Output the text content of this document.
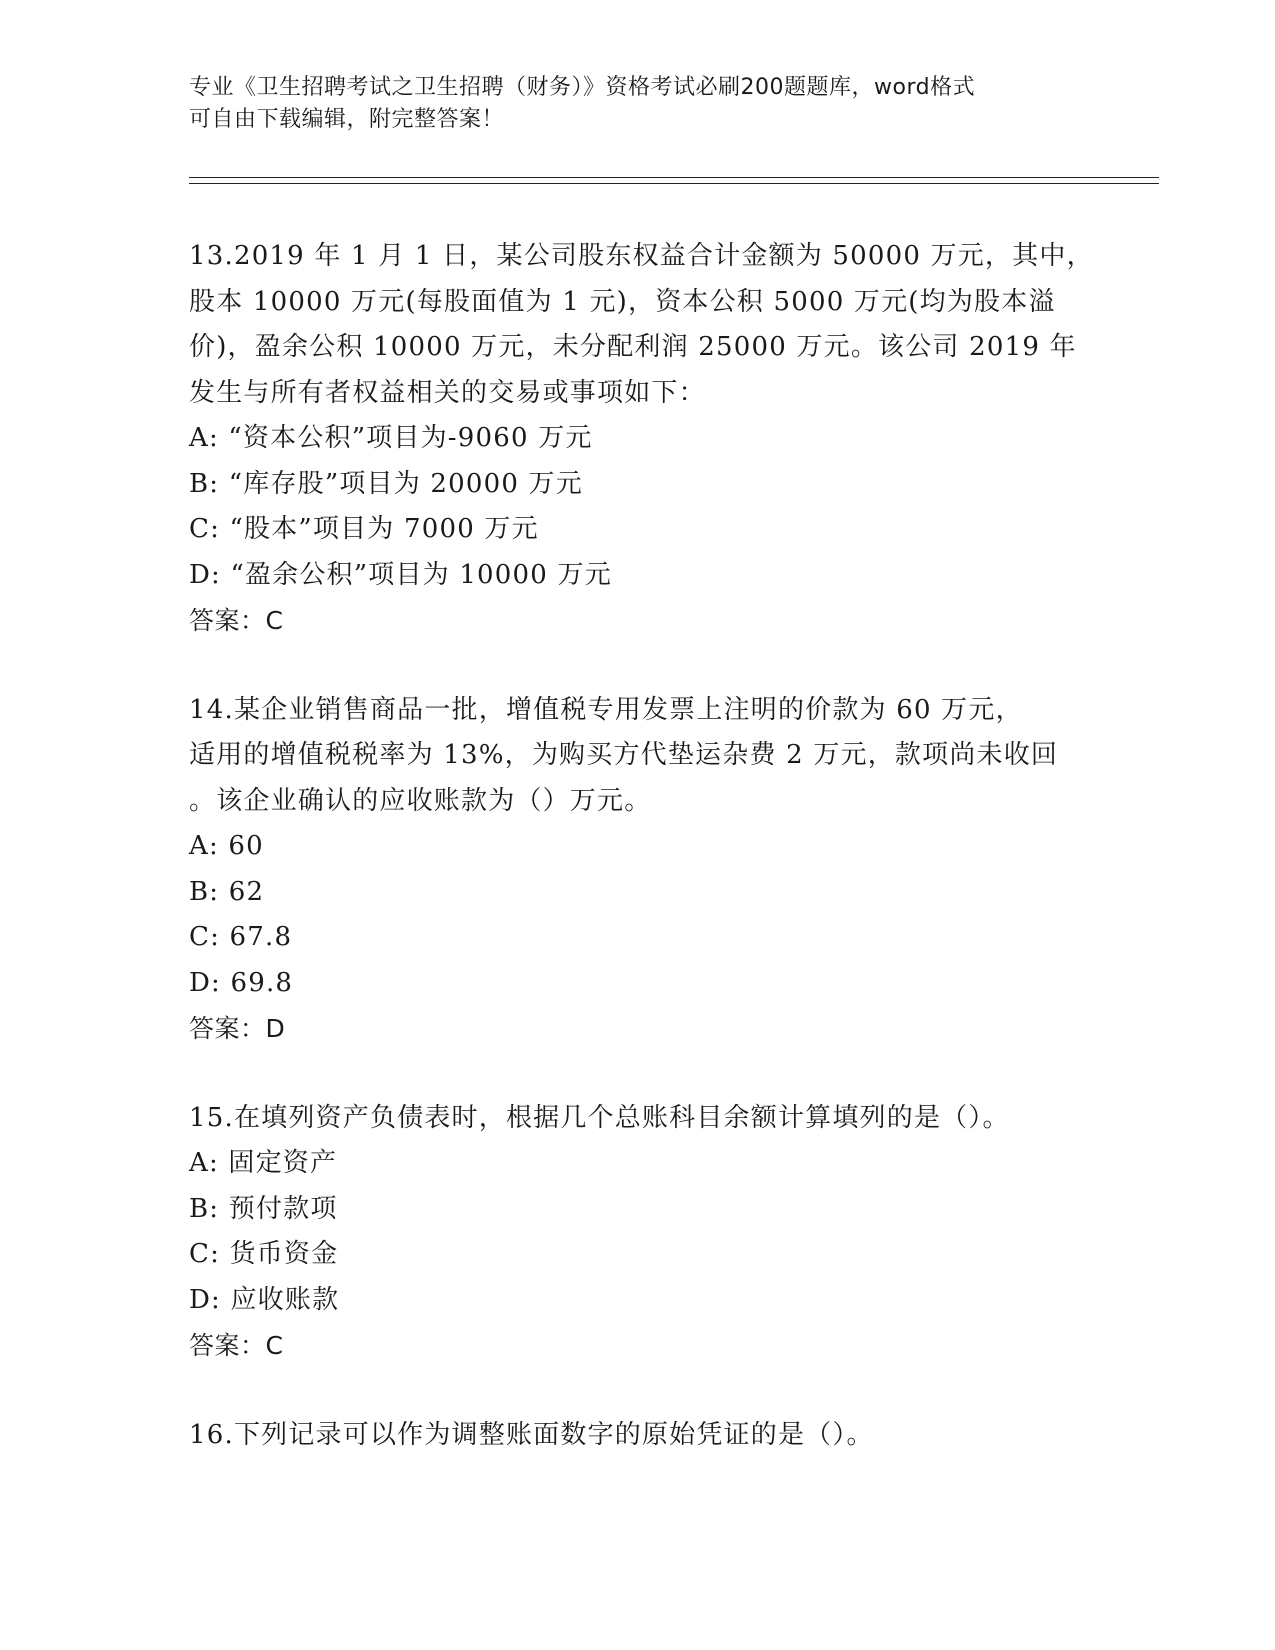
专业《卫生招聘考试之卫生招聘（财务）》资格考试必刷200题题库，word格式
可自由下载编辑，附完整答案！
13.2019 年 1 月 1 日，某公司股东权益合计金额为 50000 万元，其中，
股本 10000 万元(每股面值为 1 元)，资本公积 5000 万元(均为股本溢
价)，盈余公积 10000 万元，未分配利润 25000 万元。该公司 2019 年
发生与所有者权益相关的交易或事项如下：
A: “资本公积”项目为-9060 万元
B: “库存股”项目为 20000 万元
C: “股本”项目为 7000 万元
D: “盈余公积”项目为 10000 万元
答案：C
14.某企业销售商品一批，增值税专用发票上注明的价款为 60 万元，
适用的增值税税率为 13%，为购买方代垫运杂费 2 万元，款项尚未收回
。该企业确认的应收账款为（）万元。
A: 60
B: 62
C: 67.8
D: 69.8
答案：D
15.在填列资产负债表时，根据几个总账科目余额计算填列的是（）。
A: 固定资产
B: 预付款项
C: 货币资金
D: 应收账款
答案：C
16.下列记录可以作为调整账面数字的原始凭证的是（）。
